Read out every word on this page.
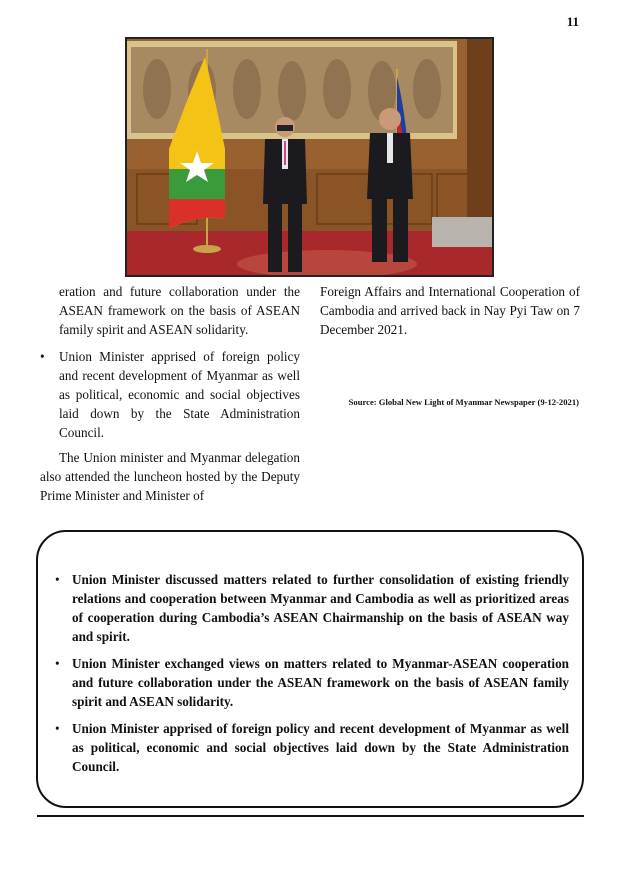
11

eration and future collaboration under the ASEAN framework on the basis of ASEAN family spirit and ASEAN solidarity.

• Union Minister apprised of foreign policy and recent development of Myanmar as well as political, economic and social objectives laid down by the State Administration Council.

The Union minister and Myanmar delegation also attended the luncheon hosted by the Deputy Prime Minister and Minister of

Foreign Affairs and International Cooperation of Cambodia and arrived back in Nay Pyi Taw on 7 December 2021.

Source: Global New Light of Myanmar Newspaper (9-12-2021)
• Union Minister discussed matters related to further consolidation of existing friendly relations and cooperation between Myanmar and Cambodia as well as prioritized areas of cooperation during Cambodia’s ASEAN Chairmanship on the basis of ASEAN way and spirit.
• Union Minister exchanged views on matters related to Myanmar-ASEAN cooperation and future collaboration under the ASEAN framework on the basis of ASEAN family spirit and ASEAN solidarity.
• Union Minister apprised of foreign policy and recent development of Myanmar as well as political, economic and social objectives laid down by the State Administration Council.
